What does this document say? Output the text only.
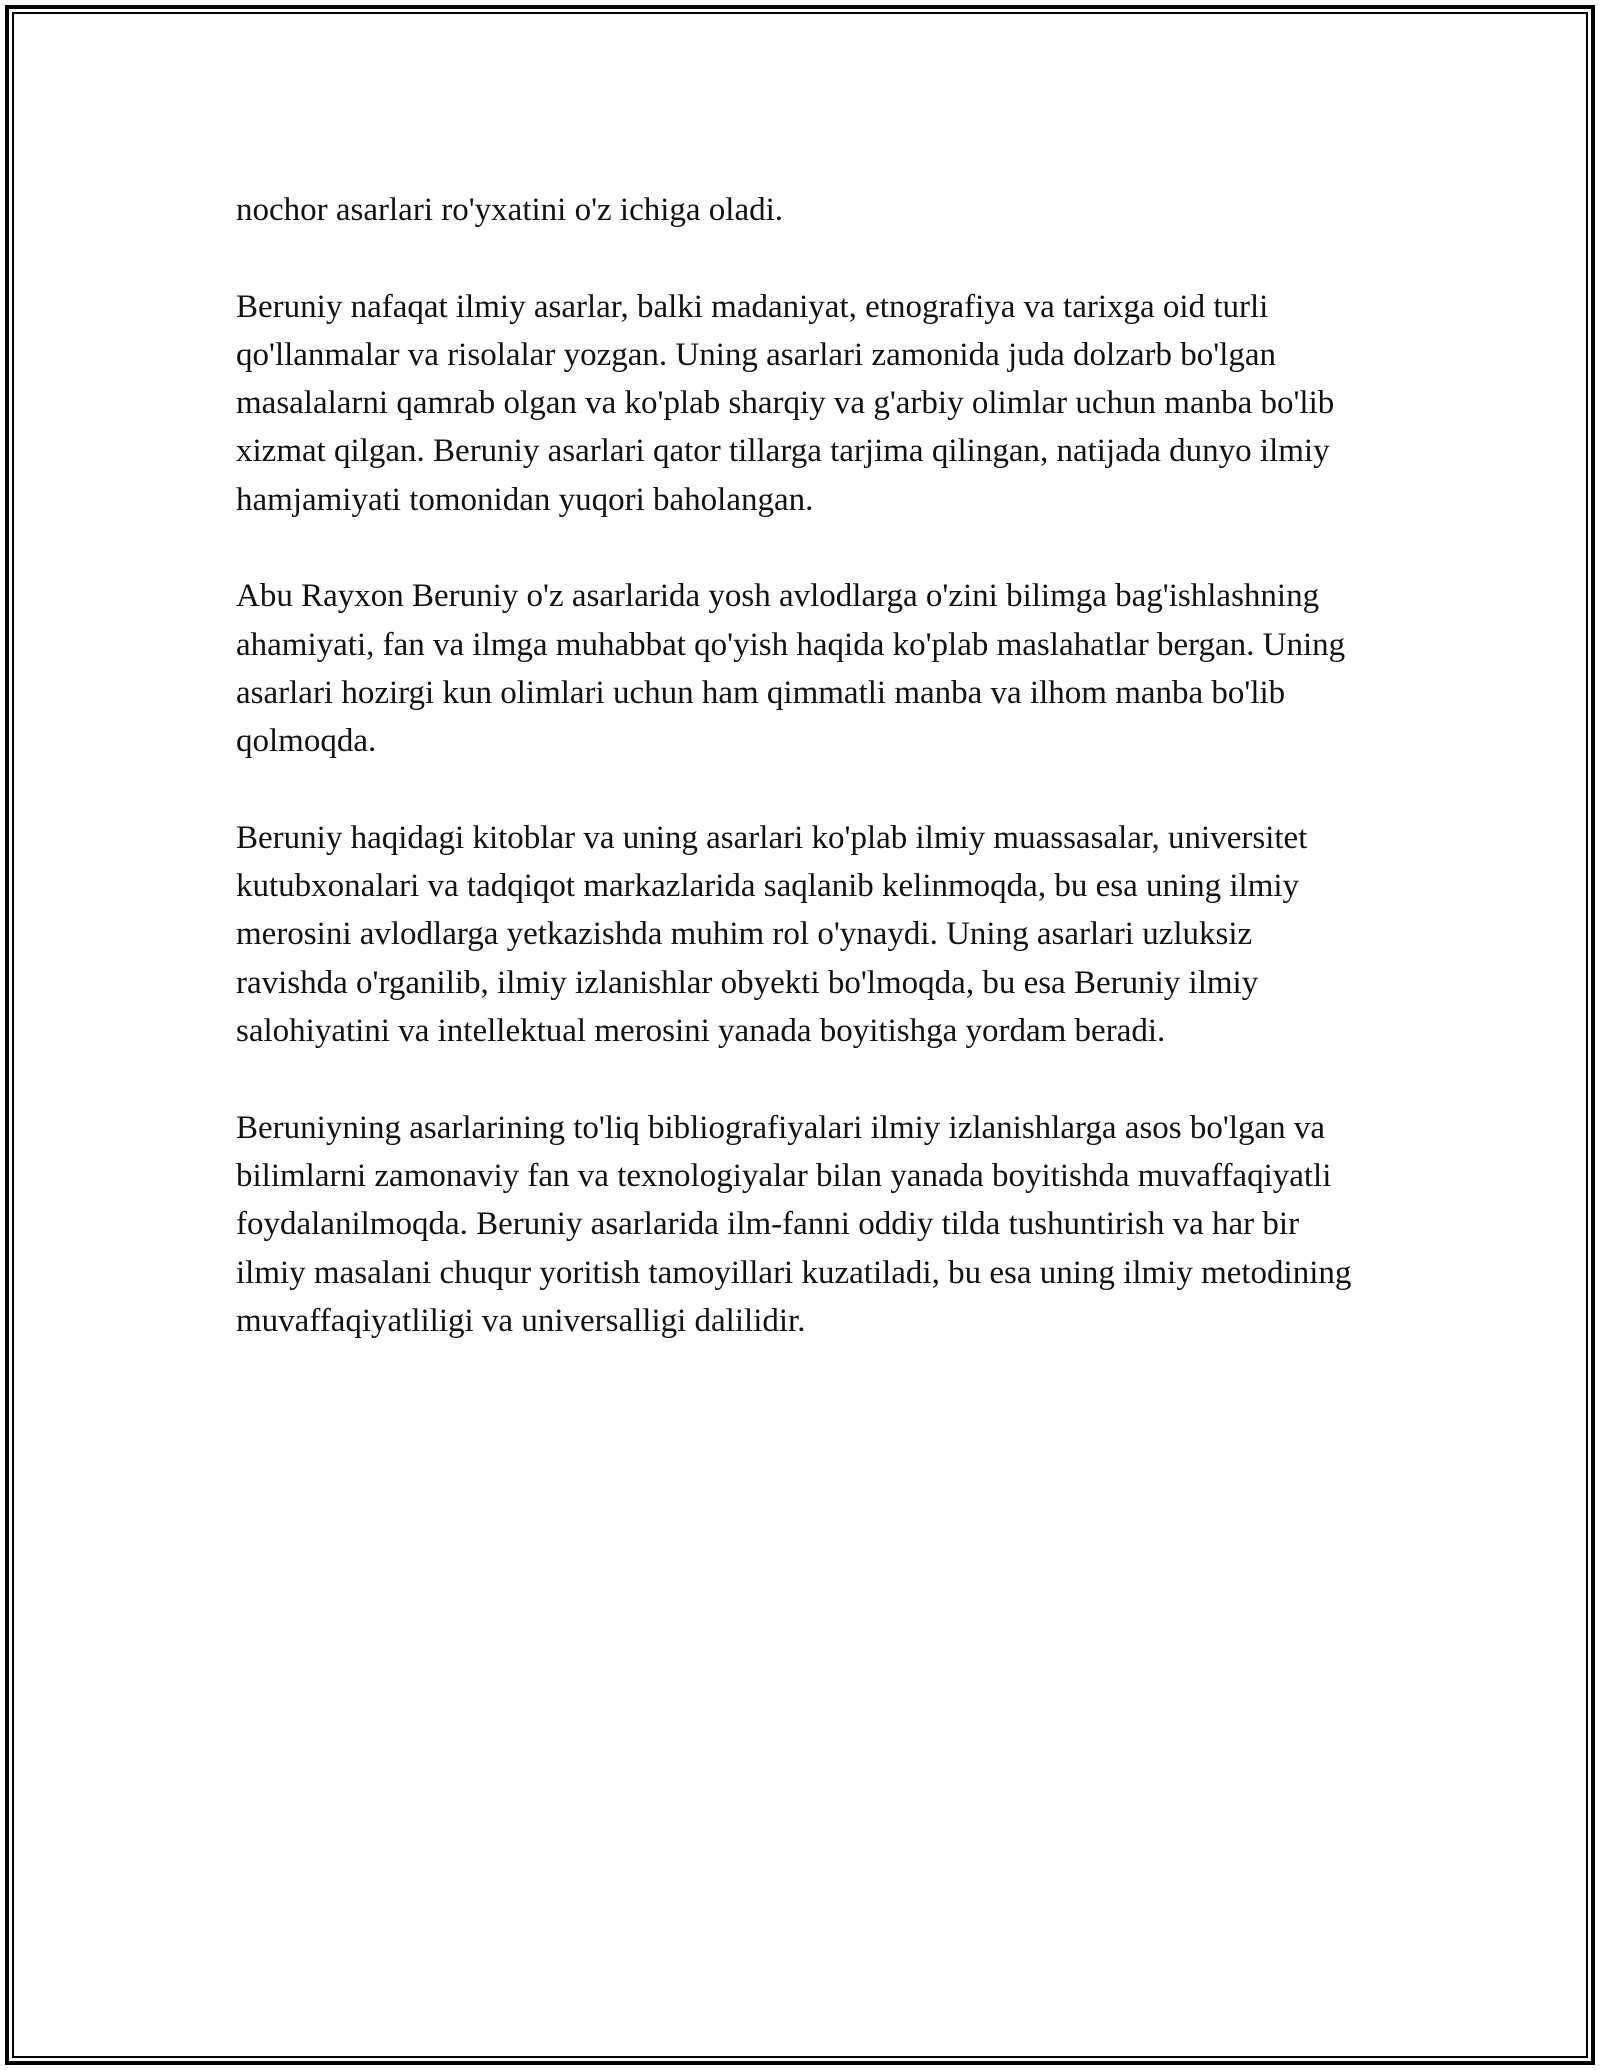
nochor asarlari ro'yxatini o'z ichiga oladi.

Beruniy nafaqat ilmiy asarlar, balki madaniyat, etnografiya va tarixga oid turli qo'llanmalar va risolalar yozgan. Uning asarlari zamonida juda dolzarb bo'lgan masalalarni qamrab olgan va ko'plab sharqiy va g'arbiy olimlar uchun manba bo'lib xizmat qilgan. Beruniy asarlari qator tillarga tarjima qilingan, natijada dunyo ilmiy hamjamiyati tomonidan yuqori baholangan.

Abu Rayxon Beruniy o'z asarlarida yosh avlodlarga o'zini bilimga bag'ishlashning ahamiyati, fan va ilmga muhabbat qo'yish haqida ko'plab maslahatlar bergan. Uning asarlari hozirgi kun olimlari uchun ham qimmatli manba va ilhom manba bo'lib qolmoqda.

Beruniy haqidagi kitoblar va uning asarlari ko'plab ilmiy muassasalar, universitet kutubxonalari va tadqiqot markazlarida saqlanib kelinmoqda, bu esa uning ilmiy merosini avlodlarga yetkazishda muhim rol o'ynaydi. Uning asarlari uzluksiz ravishda o'rganilib, ilmiy izlanishlar obyekti bo'lmoqda, bu esa Beruniy ilmiy salohiyatini va intellektual merosini yanada boyitishga yordam beradi.

Beruniyning asarlarining to'liq bibliografiyalari ilmiy izlanishlarga asos bo'lgan va bilimlarni zamonaviy fan va texnologiyalar bilan yanada boyitishda muvaffaqiyatli foydalanilmoqda. Beruniy asarlarida ilm-fanni oddiy tilda tushuntirish va har bir ilmiy masalani chuqur yoritish tamoyillari kuzatiladi, bu esa uning ilmiy metodining muvaffaqiyatliligi va universalligi dalilidir.
